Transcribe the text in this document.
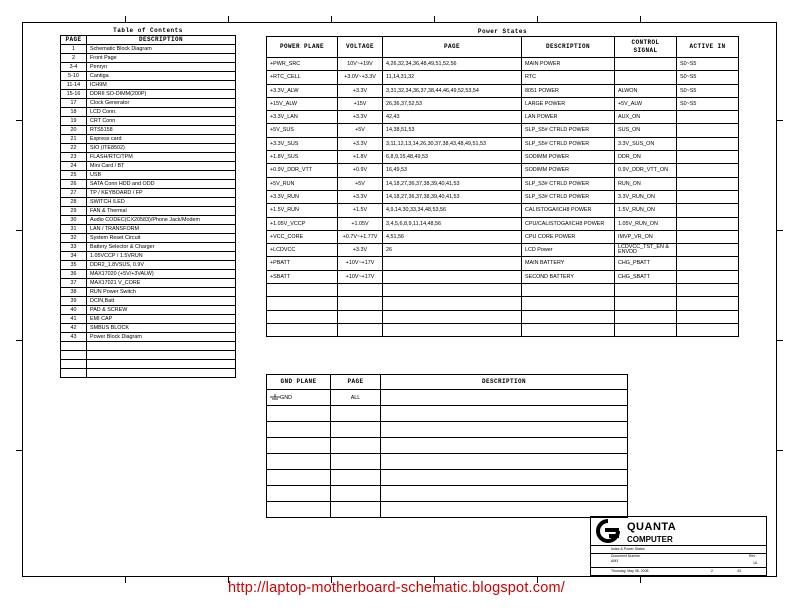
Table of Contents	
PAGE	DESCRIPTION
1	Schematic Block Diagram
2	Front Page
3-4	Penryn
5-10	Cantiga
11-14	ICH9M
15-16	DDRII SO-DIMM(200P)
17	Clock Generator
18	LCD Conn.
19	CRT Conn
20	RTS5158
21	Express card
22	SIO (ITE8502)
23	FLASH/RTC/TPM
24	Mini Card / BT
25	USB
26	SATA Conn HDD and ODD
27	TP / KEYBOARD / FP
28	SWITCH /LED
29	FAN & Thermal
30	Audio CODEC(CX20583)/Phone Jack/Modem
31	LAN / TRANSFORM
32	System Reset Circuit
33	Battery Selector & Charger
34	1.05VCCP / 1.5VRUN
35	DDR2_1.8VSUS, 0.9V
36	MAX17020 (+5V/+3VALW)
37	MAX17021 V_CORE
38	RUN Power Switch
39	DCIN,Batt
40	PAD & SCREW
41	EMI CAP
42	SMBUS BLOCK
43	Power Block Diagram

Power States					
POWER PLANE	VOLTAGE	PAGE	DESCRIPTION	CONTROL SIGNAL	ACTIVE IN
+PWR_SRC	10V~+19V	4,26,32,34,36,48,49,51,52,56	MAIN POWER		S0~S5
+RTC_CELL	+3.0V~+3.3V	11,14,31,32	RTC		S0~S5
+3.3V_ALW	+3.3V	3,31,32,34,36,37,38,44,46,49,52,53,54	8051 POWER	ALWON	S0~S5
+15V_ALW	+15V	26,36,37,52,53	LARGE POWER	+5V_ALW	S0~S5
+3.3V_LAN	+3.3V	42,43	LAN POWER	AUX_ON	
+5V_SUS	+5V	14,38,51,53	SLP_S5# CTRLD POWER	SUS_ON	
+3.3V_SUS	+3.3V	3,11,12,13,14,26,30,37,38,43,48,49,51,53	SLP_S5# CTRLD POWER	3.3V_SUS_ON	
+1.8V_SUS	+1.8V	6,8,9,15,48,49,53	SODIMM POWER	DDR_ON	
+0.9V_DDR_VTT	+0.9V	16,49,53	SODIMM POWER	0.9V_DDR_VTT_ON	
+5V_RUN	+5V	14,18,27,36,37,38,39,40,41,53	SLP_S3# CTRLD POWER	RUN_ON	
+3.3V_RUN	+3.3V	14,18,27,36,37,38,39,40,41,53	SLP_S3# CTRLD POWER	3.3V_RUN_ON	
+1.5V_RUN	+1.5V	4,9,14,30,33,34,48,53,56	CALISTOGA/ICH8 POWER	1.5V_RUN_ON	
+1.05V_VCCP	+1.05V	3,4,5,6,8,9,11,14,48,56	CPU/CALISTOGA/ICH8 POWER	1.05V_RUN_ON	
+VCC_CORE	+0.7V~+1.77V	4,51,56	CPU CORE POWER	IMVP_VR_ON	
+LCDVCC	+3.3V	26	LCD Power	LCDVCC_TST_EN & ENVDD	
+PBATT	+10V~+17V		MAIN BATTERY	CHG_PBATT	
+SBATT	+10V~+17V		SECOND BATTERY	CHG_SBATT	

GND PLANE	PAGE	DESCRIPTION
GND	ALL	

QUANTA
COMPUTER
Index & Power States
Document Number
AM3
Rev
1A
Thursday, May 08, 2008	2	43
http://laptop-motherboard-schematic.blogspot.com/
